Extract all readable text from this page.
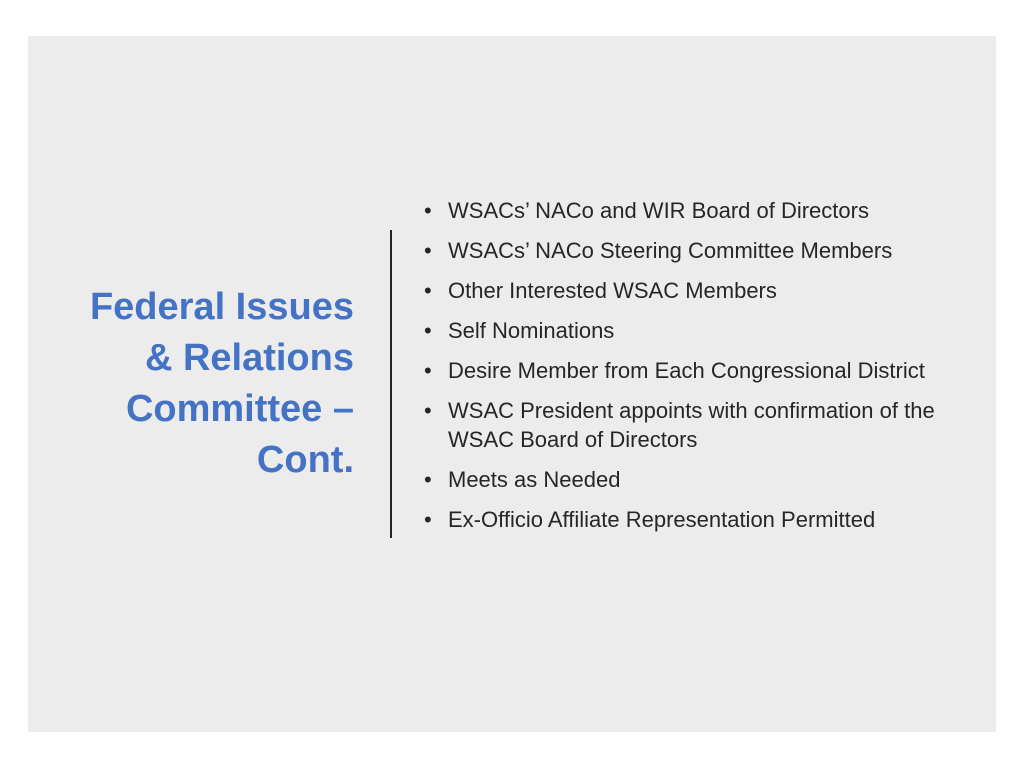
Federal Issues
& Relations
Committee –
Cont.
• WSACs’ NACo and WIR Board of Directors
• WSACs’ NACo Steering Committee Members
• Other Interested WSAC Members
• Self Nominations
• Desire Member from Each Congressional District
• WSAC President appoints with confirmation of the WSAC Board of Directors
• Meets as Needed
• Ex-Officio Affiliate Representation Permitted
